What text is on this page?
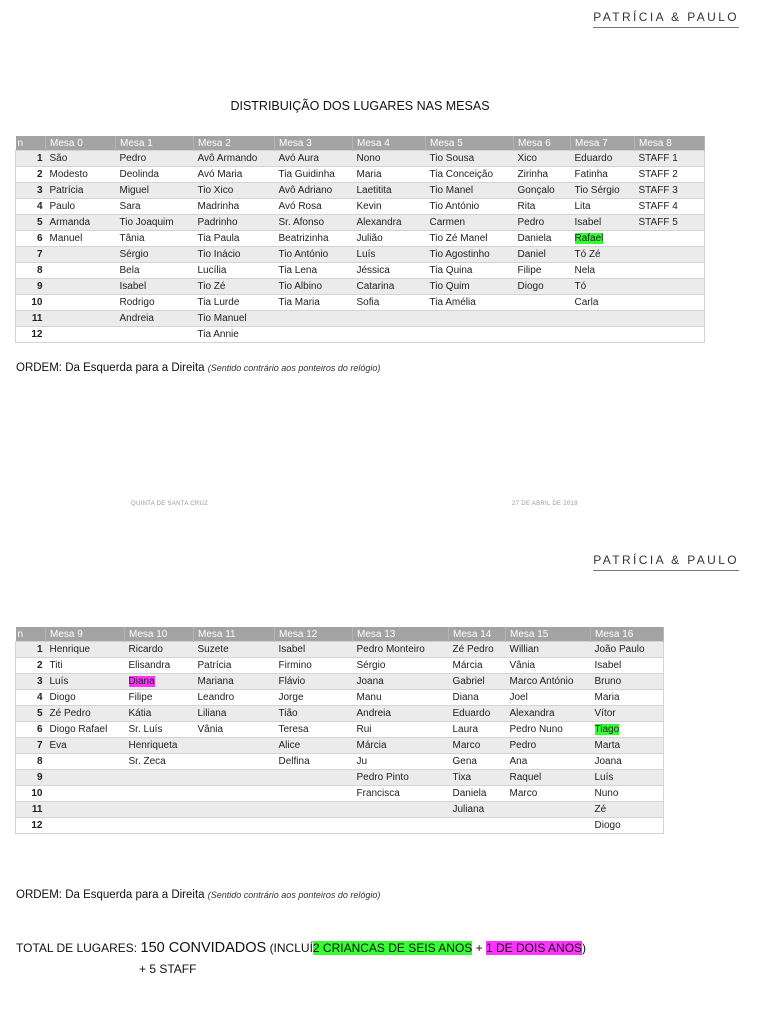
PATRÍCIA & PAULO
DISTRIBUIÇÃO DOS LUGARES NAS MESAS
n	Mesa 0	Mesa 1	Mesa 2	Mesa 3	Mesa 4	Mesa 5	Mesa 6	Mesa 7	Mesa 8
1	São	Pedro	Avô Armando	Avó Aura	Nono	Tio Sousa	Xico	Eduardo	STAFF 1
2	Modesto	Deolinda	Avó Maria	Tia Guidinha	Maria	Tia Conceição	Zirinha	Fatinha	STAFF 2
3	Patrícia	Miguel	Tio Xico	Avô Adriano	Laetitita	Tio Manel	Gonçalo	Tio Sérgio	STAFF 3
4	Paulo	Sara	Madrinha	Avó Rosa	Kevin	Tio António	Rita	Lita	STAFF 4
5	Armanda	Tio Joaquim	Padrinho	Sr. Afonso	Alexandra	Carmen	Pedro	Isabel	STAFF 5
6	Manuel	Tânia	Tia Paula	Beatrizinha	Julião	Tio Zé Manel	Daniela	Rafael	
7		Sérgio	Tio Inácio	Tio António	Luís	Tio Agostinho	Daniel	Tó Zé	
8		Bela	Lucília	Tia Lena	Jéssica	Tia Quina	Filipe	Nela	
9		Isabel	Tio Zé	Tio Albino	Catarina	Tio Quim	Diogo	Tó	
10		Rodrigo	Tia Lurde	Tia Maria	Sofia	Tia Amélia		Carla	
11		Andreia	Tio Manuel						
12			Tia Annie						
ORDEM: Da Esquerda para a Direita (Sentido contrário aos ponteiros do relógio)
QUINTA DE SANTA CRUZ	27 DE ABRIL DE 2019
PATRÍCIA & PAULO
n	Mesa 9	Mesa 10	Mesa 11	Mesa 12	Mesa 13	Mesa 14	Mesa 15	Mesa 16
1	Henrique	Ricardo	Suzete	Isabel	Pedro Monteiro	Zé Pedro	Willian	João Paulo
2	Titi	Elisandra	Patrícia	Firmino	Sérgio	Márcia	Vânia	Isabel
3	Luís	Diana	Mariana	Flávio	Joana	Gabriel	Marco António	Bruno
4	Diogo	Filipe	Leandro	Jorge	Manu	Diana	Joel	Maria
5	Zé Pedro	Kátia	Liliana	Tião	Andreia	Eduardo	Alexandra	Vítor
6	Diogo Rafael	Sr. Luís	Vânia	Teresa	Rui	Laura	Pedro Nuno	Tiago
7	Eva	Henriqueta		Alice	Márcia	Marco	Pedro	Marta
8		Sr. Zeca		Delfina	Ju	Gena	Ana	Joana
9					Pedro Pinto	Tixa	Raquel	Luís
10					Francisca	Daniela	Marco	Nuno
11						Juliana		Zé
12								Diogo
ORDEM: Da Esquerda para a Direita (Sentido contrário aos ponteiros do relógio)
TOTAL DE LUGARES: 150 CONVIDADOS (INCLUÍ2 CRIANCAS DE SEIS ANOS + 1 DE DOIS ANOS)
+ 5 STAFF
